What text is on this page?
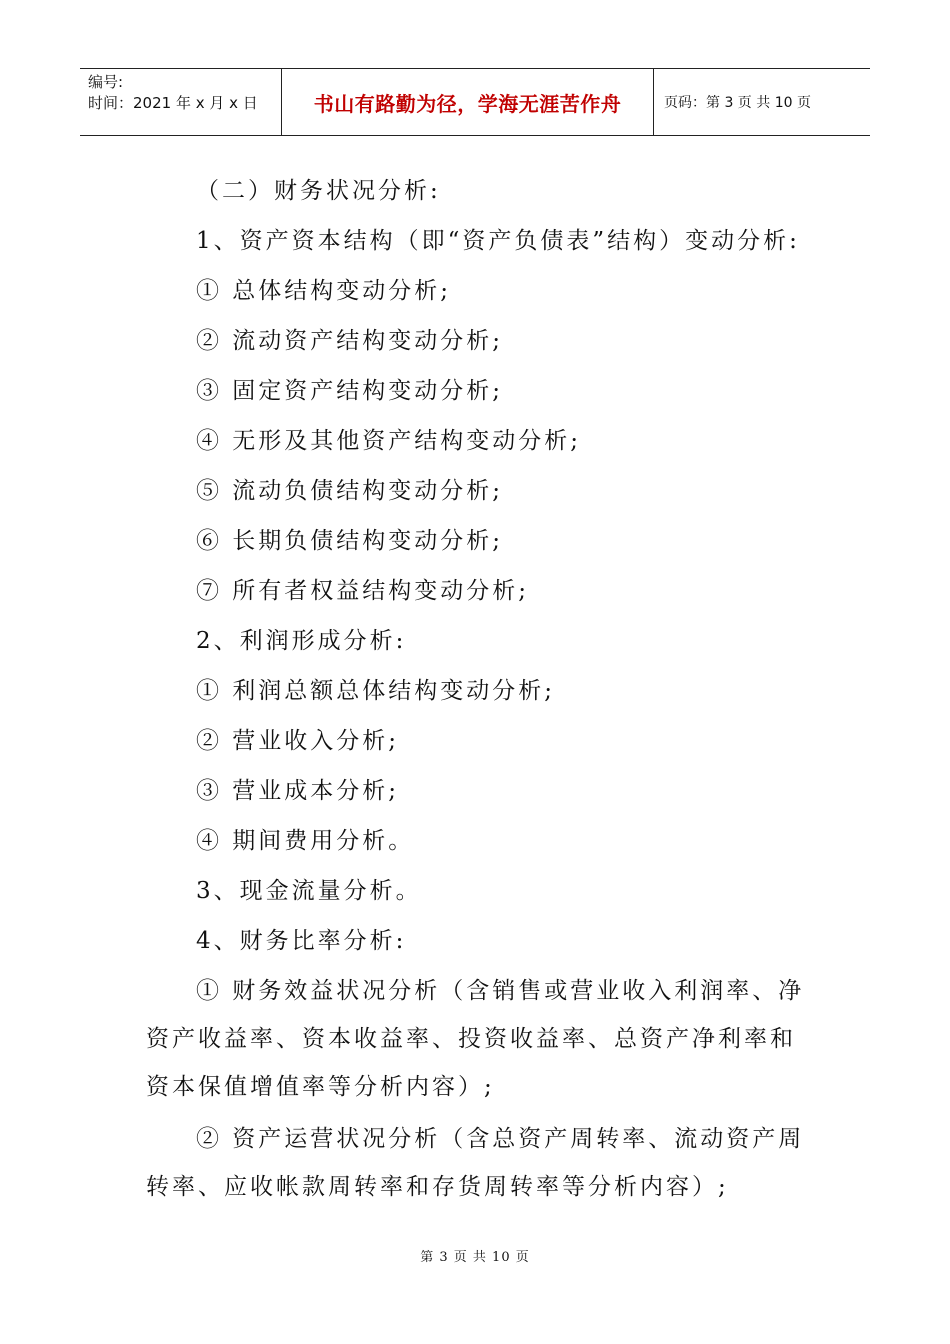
编号:
时间：2021 年 x 月 x 日	书山有路勤为径，学海无涯苦作舟	页码：第 3 页 共 10 页
（二）财务状况分析:
1、资产资本结构（即“资产负债表”结构）变动分析:
① 总体结构变动分析;
② 流动资产结构变动分析;
③ 固定资产结构变动分析;
④ 无形及其他资产结构变动分析;
⑤ 流动负债结构变动分析;
⑥ 长期负债结构变动分析;
⑦ 所有者权益结构变动分析;
2、利润形成分析:
① 利润总额总体结构变动分析;
② 营业收入分析;
③ 营业成本分析;
④ 期间费用分析。
3、现金流量分析。
4、财务比率分析:
① 财务效益状况分析（含销售或营业收入利润率、净
资产收益率、资本收益率、投资收益率、总资产净利率和
资本保值增值率等分析内容）;
② 资产运营状况分析（含总资产周转率、流动资产周
转率、应收帐款周转率和存货周转率等分析内容）;
第 3 页 共 10 页
